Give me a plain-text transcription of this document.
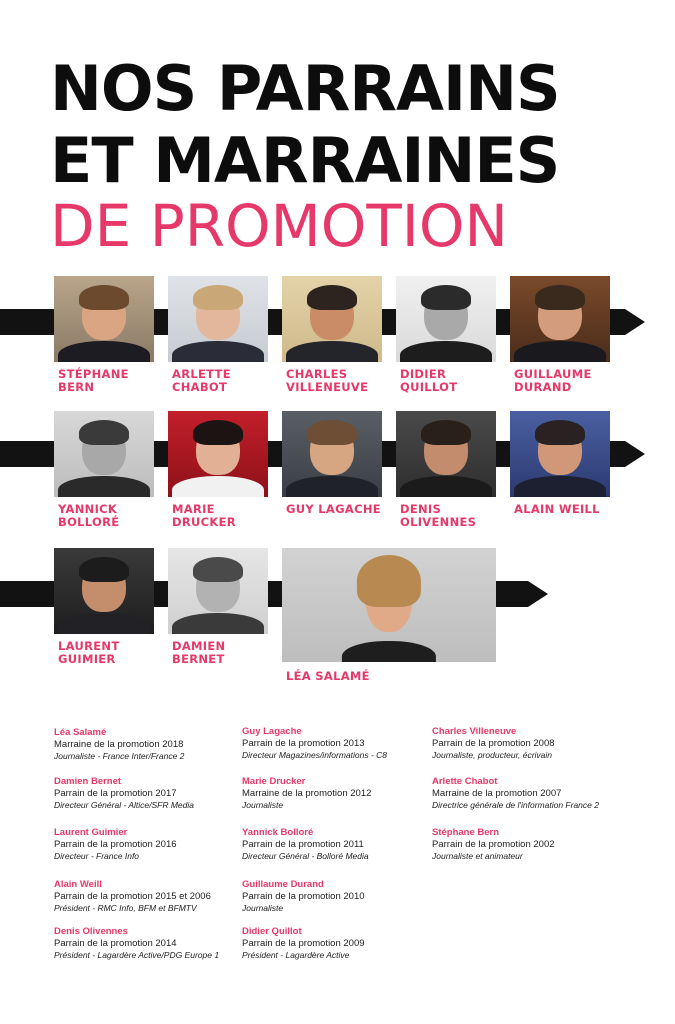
NOS PARRAINS
ET MARRAINES
DE PROMOTION

STÉPHANE
BERN

ARLETTE
CHABOT

CHARLES
VILLENEUVE

DIDIER
QUILLOT

GUILLAUME
DURAND

YANNICK
BOLLORÉ

MARIE
DRUCKER

GUY LAGACHE DENIS
OLIVENNES

ALAIN WEILL

LAURENT
GUIMIER

DAMIEN
BERNET

LÉA SALAMÉ

Léa Salamé
Marraine de la promotion 2018
Journaliste - France Inter/France 2
Damien Bernet
Parrain de la promotion 2017
Directeur Général - Altice/SFR Media
Laurent Guimier
Parrain de la promotion 2016
Directeur - France Info
Alain Weill
Parrain de la promotion 2015 et 2006
Président - RMC Info, BFM et BFMTV
Denis Olivennes
Parrain de la promotion 2014
Président - Lagardère Active/PDG Europe 1
Guy Lagache
Parrain de la promotion 2013
Directeur Magazines/informations - C8
Marie Drucker
Marraine de la promotion 2012
Journaliste
Yannick Bolloré
Parrain de la promotion 2011
Directeur Général - Bolloré Media
Guillaume Durand
Parrain de la promotion 2010
Journaliste
Didier Quillot
Parrain de la promotion 2009
Président - Lagardère Active
Charles Villeneuve
Parrain de la promotion 2008
Journaliste, producteur, écrivain
Arlette Chabot
Marraine de la promotion 2007
Directrice générale de l'information France 2
Stéphane Bern
Parrain de la promotion 2002
Journaliste et animateur
